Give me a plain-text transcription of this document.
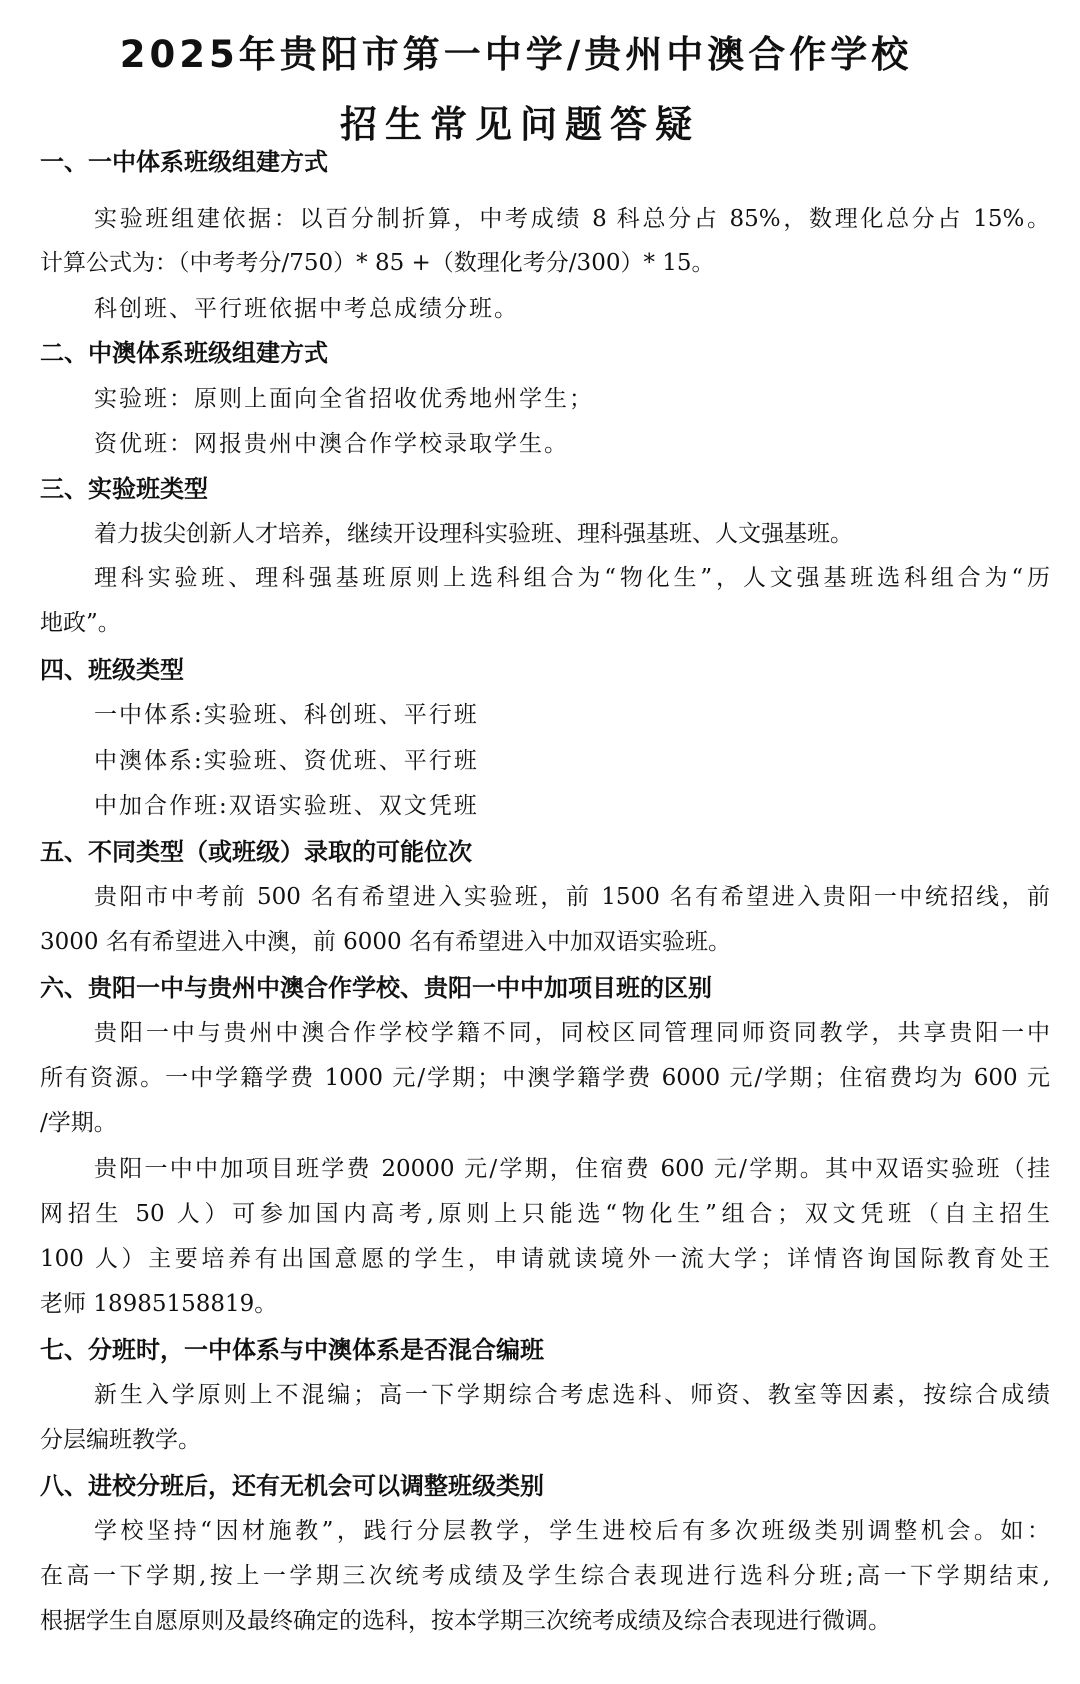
2025年贵阳市第一中学/贵州中澳合作学校
招生常见问题答疑
一、一中体系班级组建方式
实验班组建依据：以百分制折算，中考成绩 8 科总分占 85%，数理化总分占 15%。
计算公式为：（中考考分/750）* 85 +（数理化考分/300）* 15。
科创班、平行班依据中考总成绩分班。
二、中澳体系班级组建方式
实验班：原则上面向全省招收优秀地州学生；
资优班：网报贵州中澳合作学校录取学生。
三、实验班类型
着力拔尖创新人才培养，继续开设理科实验班、理科强基班、人文强基班。
理科实验班、理科强基班原则上选科组合为“物化生”，人文强基班选科组合为“历
地政”。
四、班级类型
一中体系:实验班、科创班、平行班
中澳体系:实验班、资优班、平行班
中加合作班:双语实验班、双文凭班
五、不同类型（或班级）录取的可能位次
贵阳市中考前 500 名有希望进入实验班，前 1500 名有希望进入贵阳一中统招线，前
3000 名有希望进入中澳，前 6000 名有希望进入中加双语实验班。
六、贵阳一中与贵州中澳合作学校、贵阳一中中加项目班的区别
贵阳一中与贵州中澳合作学校学籍不同，同校区同管理同师资同教学，共享贵阳一中
所有资源。一中学籍学费 1000 元/学期；中澳学籍学费 6000 元/学期；住宿费均为 600 元
/学期。
贵阳一中中加项目班学费 20000 元/学期，住宿费 600 元/学期。其中双语实验班（挂
网招生 50 人）可参加国内高考,原则上只能选“物化生”组合；双文凭班（自主招生
100 人）主要培养有出国意愿的学生，申请就读境外一流大学；详情咨询国际教育处王
老师 18985158819。
七、分班时，一中体系与中澳体系是否混合编班
新生入学原则上不混编；高一下学期综合考虑选科、师资、教室等因素，按综合成绩
分层编班教学。
八、进校分班后，还有无机会可以调整班级类别
学校坚持“因材施教”，践行分层教学，学生进校后有多次班级类别调整机会。如：
在高一下学期,按上一学期三次统考成绩及学生综合表现进行选科分班;高一下学期结束,
根据学生自愿原则及最终确定的选科，按本学期三次统考成绩及综合表现进行微调。
